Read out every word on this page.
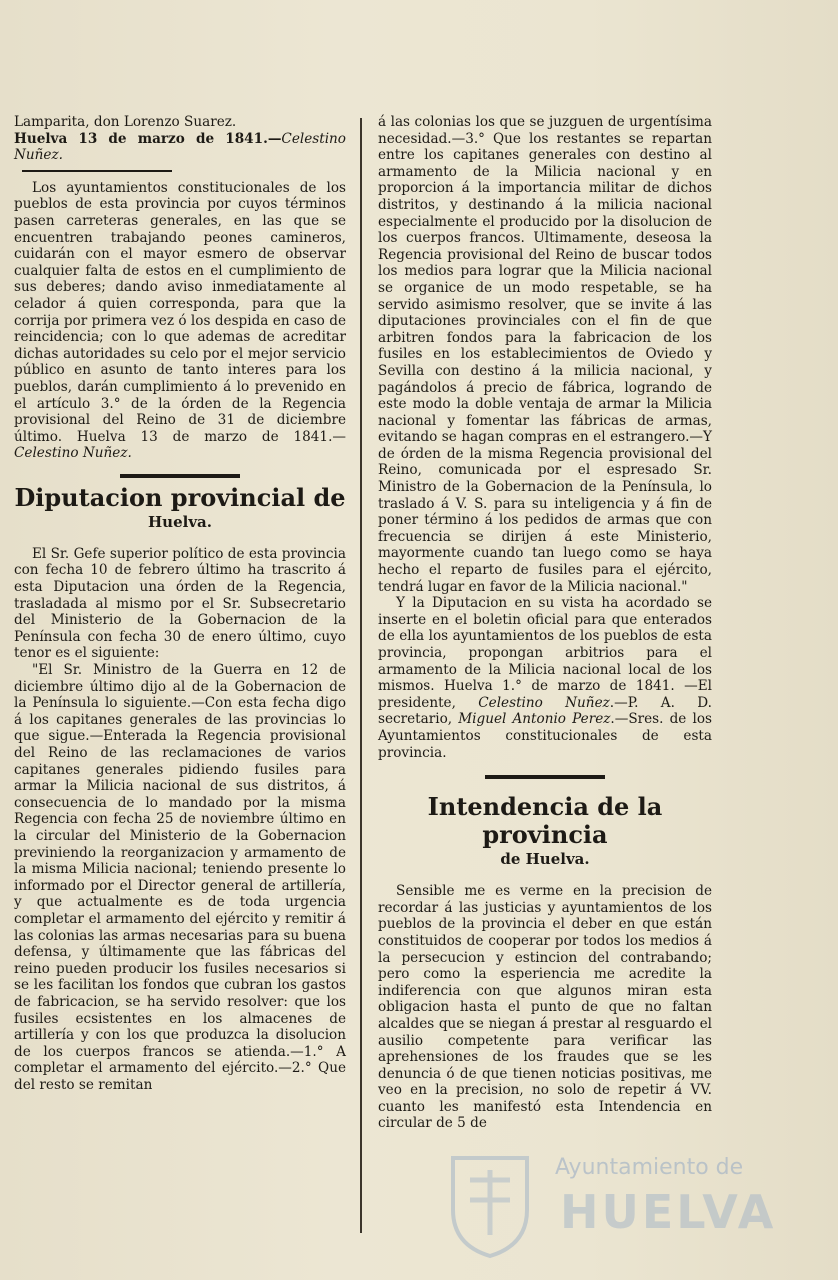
Lamparita, don Lorenzo Suarez.
Huelva 13 de marzo de 1841.—Celestino Nuñez.

Los ayuntamientos constitucionales de los pueblos de esta provincia por cuyos términos pasen carreteras generales, en las que se encuentren trabajando peones camineros, cuidarán con el mayor esmero de observar cualquier falta de estos en el cumplimiento de sus deberes; dando aviso inmediatamente al celador á quien corresponda, para que la corrija por primera vez ó los despida en caso de reincidencia; con lo que ademas de acreditar dichas autoridades su celo por el mejor servicio público en asunto de tanto interes para los pueblos, darán cumplimiento á lo prevenido en el artículo 3.° de la órden de la Regencia provisional del Reino de 31 de diciembre último. Huelva 13 de marzo de 1841.—Celestino Nuñez.

Diputacion provincial de
Huelva.

El Sr. Gefe superior político de esta provincia con fecha 10 de febrero último ha trascrito á esta Diputacion una órden de la Regencia, trasladada al mismo por el Sr. Subsecretario del Ministerio de la Gobernacion de la Península con fecha 30 de enero último, cuyo tenor es el siguiente:

"El Sr. Ministro de la Guerra en 12 de diciembre último dijo al de la Gobernacion de la Península lo siguiente.—Con esta fecha digo á los capitanes generales de las provincias lo que sigue.—Enterada la Regencia provisional del Reino de las reclamaciones de varios capitanes generales pidiendo fusiles para armar la Milicia nacional de sus distritos, á consecuencia de lo mandado por la misma Regencia con fecha 25 de noviembre último en la circular del Ministerio de la Gobernacion previniendo la reorganizacion y armamento de la misma Milicia nacional; teniendo presente lo informado por el Director general de artillería, y que actualmente es de toda urgencia completar el armamento del ejército y remitir á las colonias las armas necesarias para su buena defensa, y últimamente que las fábricas del reino pueden producir los fusiles necesarios si se les facilitan los fondos que cubran los gastos de fabricacion, se ha servido resolver: que los fusiles ecsistentes en los almacenes de artillería y con los que produzca la disolucion de los cuerpos francos se atienda.—1.° A completar el armamento del ejército.—2.° Que del resto se remitan

á las colonias los que se juzguen de urgentísima necesidad.—3.° Que los restantes se repartan entre los capitanes generales con destino al armamento de la Milicia nacional y en proporcion á la importancia militar de dichos distritos, y destinando á la milicia nacional especialmente el producido por la disolucion de los cuerpos francos. Ultimamente, deseosa la Regencia provisional del Reino de buscar todos los medios para lograr que la Milicia nacional se organice de un modo respetable, se ha servido asimismo resolver, que se invite á las diputaciones provinciales con el fin de que arbitren fondos para la fabricacion de los fusiles en los establecimientos de Oviedo y Sevilla con destino á la milicia nacional, y pagándolos á precio de fábrica, logrando de este modo la doble ventaja de armar la Milicia nacional y fomentar las fábricas de armas, evitando se hagan compras en el estrangero.—Y de órden de la misma Regencia provisional del Reino, comunicada por el espresado Sr. Ministro de la Gobernacion de la Península, lo traslado á V. S. para su inteligencia y á fin de poner término á los pedidos de armas que con frecuencia se dirijen á este Ministerio, mayormente cuando tan luego como se haya hecho el reparto de fusiles para el ejército, tendrá lugar en favor de la Milicia nacional."

Y la Diputacion en su vista ha acordado se inserte en el boletin oficial para que enterados de ella los ayuntamientos de los pueblos de esta provincia, propongan arbitrios para el armamento de la Milicia nacional local de los mismos. Huelva 1.° de marzo de 1841. —El presidente, Celestino Nuñez.—P. A. D. secretario, Miguel Antonio Perez.—Sres. de los Ayuntamientos constitucionales de esta provincia.

Intendencia de la provincia
de Huelva.

Sensible me es verme en la precision de recordar á las justicias y ayuntamientos de los pueblos de la provincia el deber en que están constituidos de cooperar por todos los medios á la persecucion y estincion del contrabando; pero como la esperiencia me acredite la indiferencia con que algunos miran esta obligacion hasta el punto de que no faltan alcaldes que se niegan á prestar al resguardo el ausilio competente para verificar las aprehensiones de los fraudes que se les denuncia ó de que tienen noticias positivas, me veo en la precision, no solo de repetir á VV. cuanto les manifestó esta Intendencia en circular de 5 de

Ayuntamiento de
HUELVA
